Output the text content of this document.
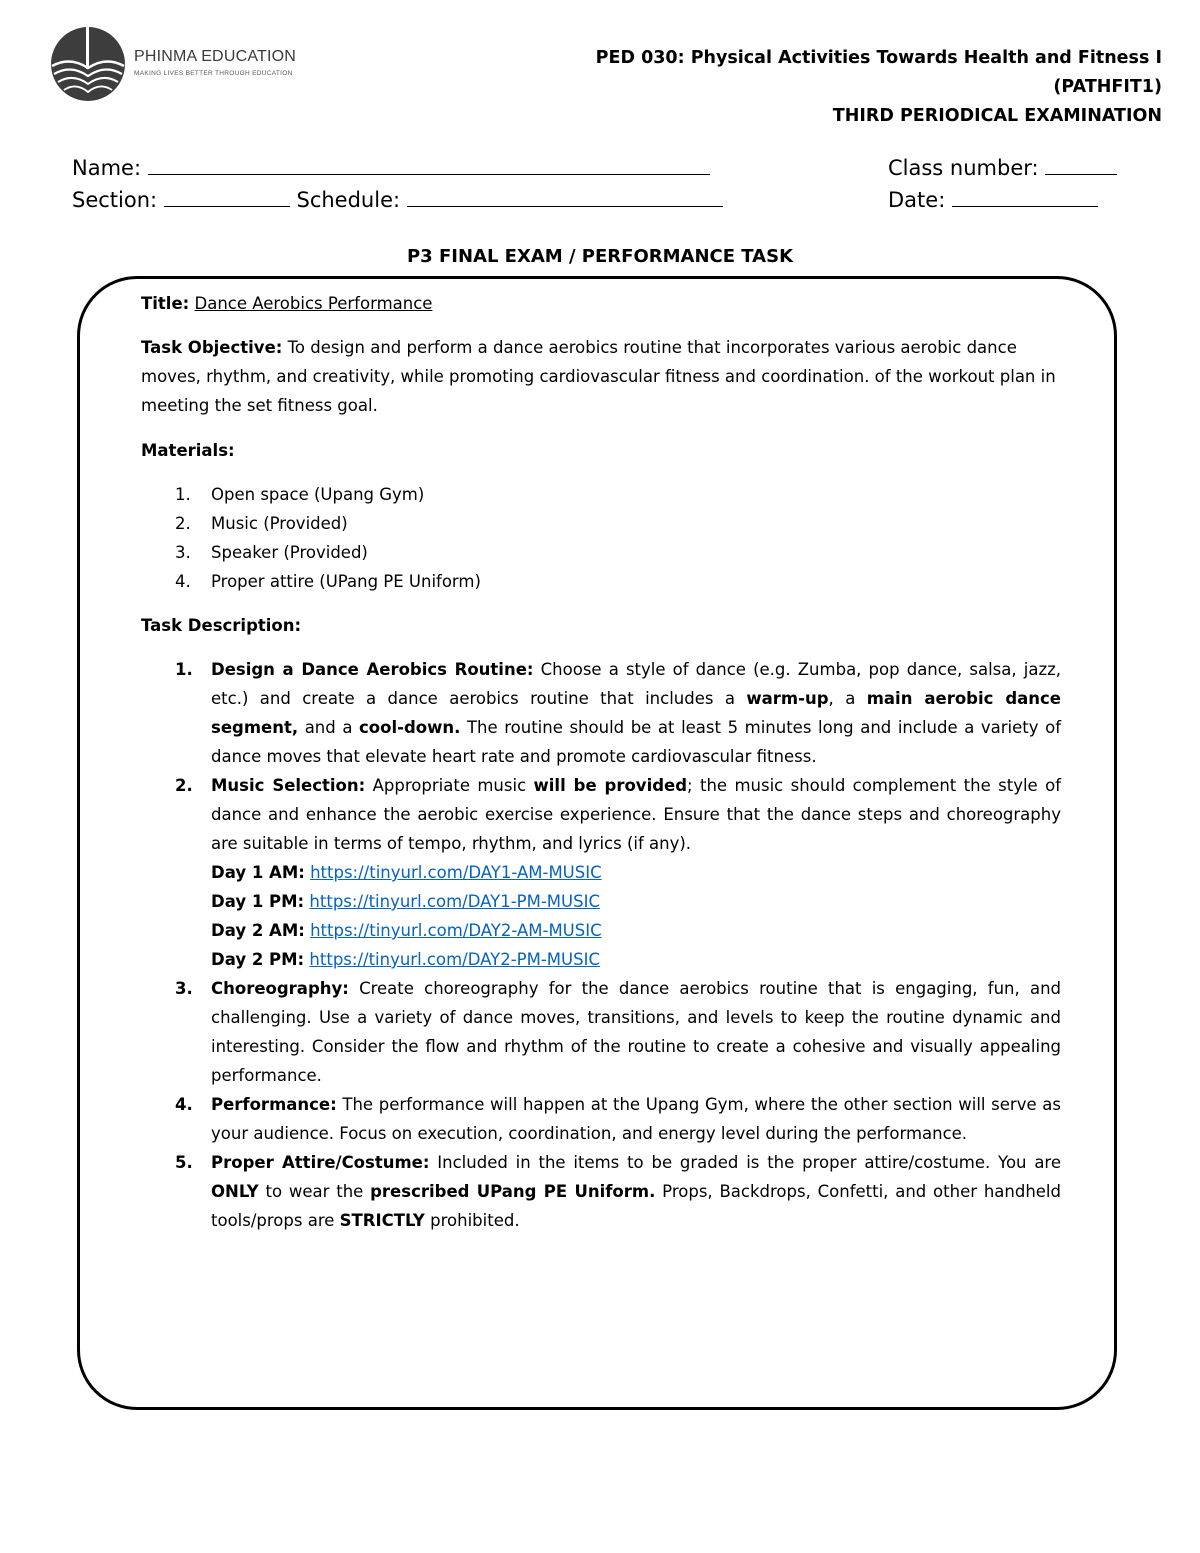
PHINMA EDUCATION
MAKING LIVES BETTER THROUGH EDUCATION
PED 030: Physical Activities Towards Health and Fitness I
(PATHFIT1)
THIRD PERIODICAL EXAMINATION
Name:	Class number:
Section:	Schedule:	Date:
P3 FINAL EXAM / PERFORMANCE TASK

Title: Dance Aerobics Performance

Task Objective: To design and perform a dance aerobics routine that incorporates various aerobic dance moves, rhythm, and creativity, while promoting cardiovascular fitness and coordination. of the workout plan in meeting the set fitness goal.

Materials:

1. Open space (Upang Gym)
2. Music (Provided)
3. Speaker (Provided)
4. Proper attire (UPang PE Uniform)

Task Description:

1. Design a Dance Aerobics Routine: Choose a style of dance (e.g. Zumba, pop dance, salsa, jazz, etc.) and create a dance aerobics routine that includes a warm-up, a main aerobic dance segment, and a cool-down. The routine should be at least 5 minutes long and include a variety of dance moves that elevate heart rate and promote cardiovascular fitness.
2. Music Selection: Appropriate music will be provided; the music should complement the style of dance and enhance the aerobic exercise experience. Ensure that the dance steps and choreography are suitable in terms of tempo, rhythm, and lyrics (if any).
Day 1 AM: https://tinyurl.com/DAY1-AM-MUSIC
Day 1 PM: https://tinyurl.com/DAY1-PM-MUSIC
Day 2 AM: https://tinyurl.com/DAY2-AM-MUSIC
Day 2 PM: https://tinyurl.com/DAY2-PM-MUSIC
3. Choreography: Create choreography for the dance aerobics routine that is engaging, fun, and challenging. Use a variety of dance moves, transitions, and levels to keep the routine dynamic and interesting. Consider the flow and rhythm of the routine to create a cohesive and visually appealing performance.
4. Performance: The performance will happen at the Upang Gym, where the other section will serve as your audience. Focus on execution, coordination, and energy level during the performance.
5. Proper Attire/Costume: Included in the items to be graded is the proper attire/costume. You are ONLY to wear the prescribed UPang PE Uniform. Props, Backdrops, Confetti, and other handheld tools/props are STRICTLY prohibited.
